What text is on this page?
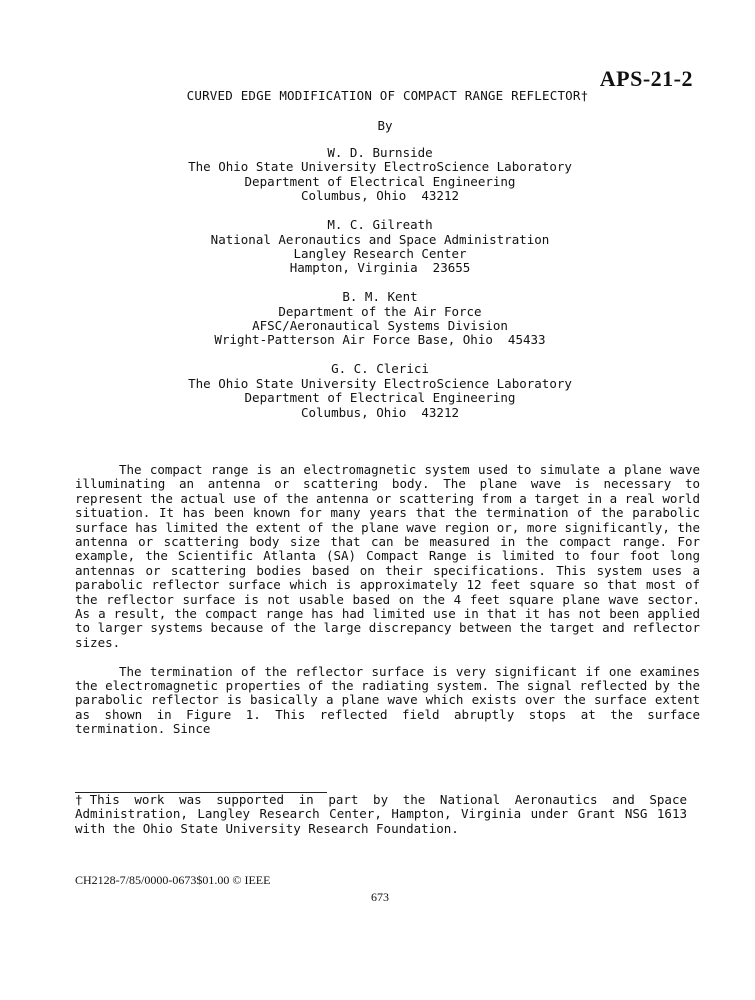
APS-21-2
CURVED EDGE MODIFICATION OF COMPACT RANGE REFLECTOR†
By
W. D. Burnside
The Ohio State University ElectroScience Laboratory
Department of Electrical Engineering
Columbus, Ohio  43212
M. C. Gilreath
National Aeronautics and Space Administration
Langley Research Center
Hampton, Virginia  23655
B. M. Kent
Department of the Air Force
AFSC/Aeronautical Systems Division
Wright-Patterson Air Force Base, Ohio  45433
G. C. Clerici
The Ohio State University ElectroScience Laboratory
Department of Electrical Engineering
Columbus, Ohio  43212

The compact range is an electromagnetic system used to simulate a plane wave illuminating an antenna or scattering body. The plane wave is necessary to represent the actual use of the antenna or scattering from a target in a real world situation. It has been known for many years that the termination of the parabolic surface has limited the extent of the plane wave region or, more significantly, the antenna or scattering body size that can be measured in the compact range. For example, the Scientific Atlanta (SA) Compact Range is limited to four foot long antennas or scattering bodies based on their specifications. This system uses a parabolic reflector surface which is approximately 12 feet square so that most of the reflector surface is not usable based on the 4 feet square plane wave sector. As a result, the compact range has had limited use in that it has not been applied to larger systems because of the large discrepancy between the target and reflector sizes.

The termination of the reflector surface is very significant if one examines the electromagnetic properties of the radiating system. The signal reflected by the parabolic reflector is basically a plane wave which exists over the surface extent as shown in Figure 1. This reflected field abruptly stops at the surface termination. Since

†This work was supported in part by the National Aeronautics and Space Administration, Langley Research Center, Hampton, Virginia under Grant NSG 1613 with the Ohio State University Research Foundation.
CH2128-7/85/0000-0673$01.00 © IEEE
673
